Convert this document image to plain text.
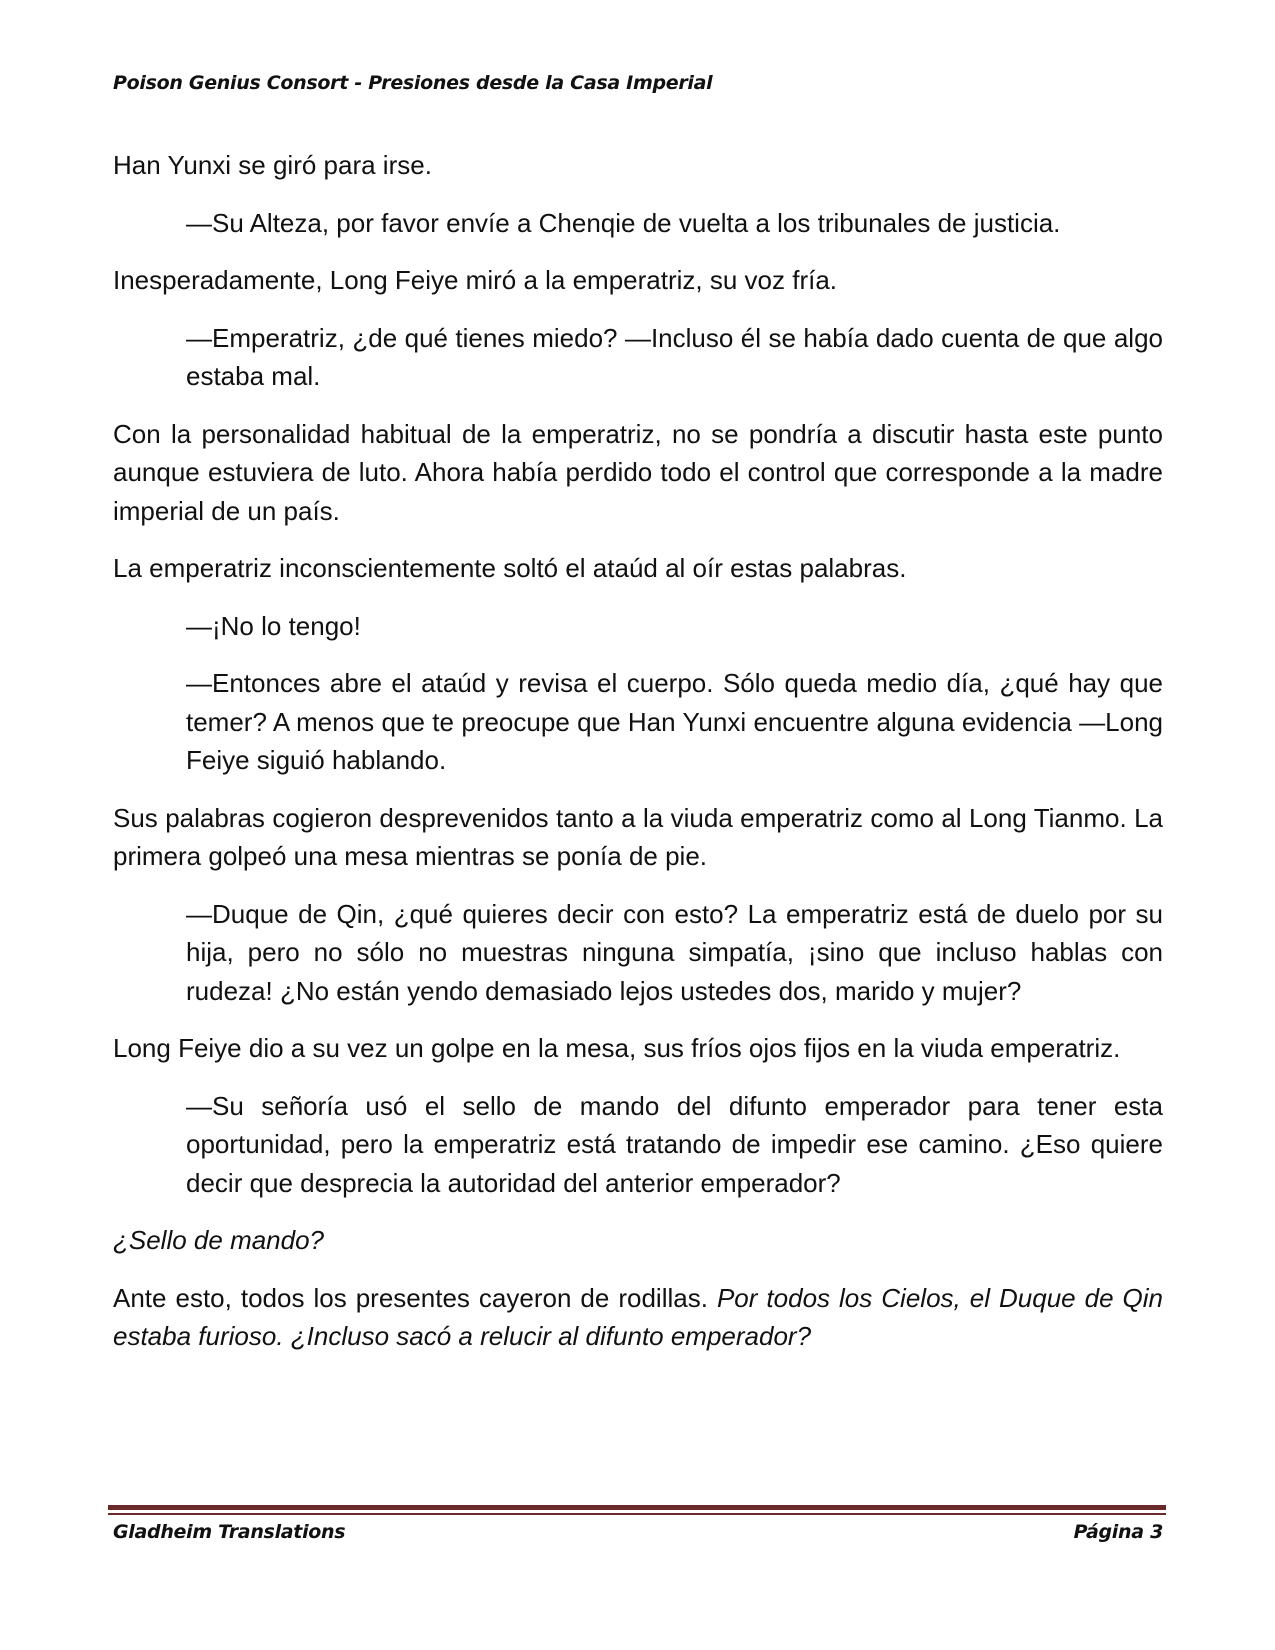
Poison Genius Consort - Presiones desde la Casa Imperial

Han Yunxi se giró para irse.

—Su Alteza, por favor envíe a Chenqie de vuelta a los tribunales de justicia.

Inesperadamente, Long Feiye miró a la emperatriz, su voz fría.

—Emperatriz, ¿de qué tienes miedo? —Incluso él se había dado cuenta de que algo estaba mal.

Con la personalidad habitual de la emperatriz, no se pondría a discutir hasta este punto aunque estuviera de luto. Ahora había perdido todo el control que corresponde a la madre imperial de un país.

La emperatriz inconscientemente soltó el ataúd al oír estas palabras.

—¡No lo tengo!

—Entonces abre el ataúd y revisa el cuerpo. Sólo queda medio día, ¿qué hay que temer? A menos que te preocupe que Han Yunxi encuentre alguna evidencia —Long Feiye siguió hablando.

Sus palabras cogieron desprevenidos tanto a la viuda emperatriz como al Long Tianmo. La primera golpeó una mesa mientras se ponía de pie.

—Duque de Qin, ¿qué quieres decir con esto? La emperatriz está de duelo por su hija, pero no sólo no muestras ninguna simpatía, ¡sino que incluso hablas con rudeza! ¿No están yendo demasiado lejos ustedes dos, marido y mujer?

Long Feiye dio a su vez un golpe en la mesa, sus fríos ojos fijos en la viuda emperatriz.

—Su señoría usó el sello de mando del difunto emperador para tener esta oportunidad, pero la emperatriz está tratando de impedir ese camino. ¿Eso quiere decir que desprecia la autoridad del anterior emperador?

¿Sello de mando?

Ante esto, todos los presentes cayeron de rodillas. Por todos los Cielos, el Duque de Qin estaba furioso. ¿Incluso sacó a relucir al difunto emperador?

Gladheim Translations	Página 3
